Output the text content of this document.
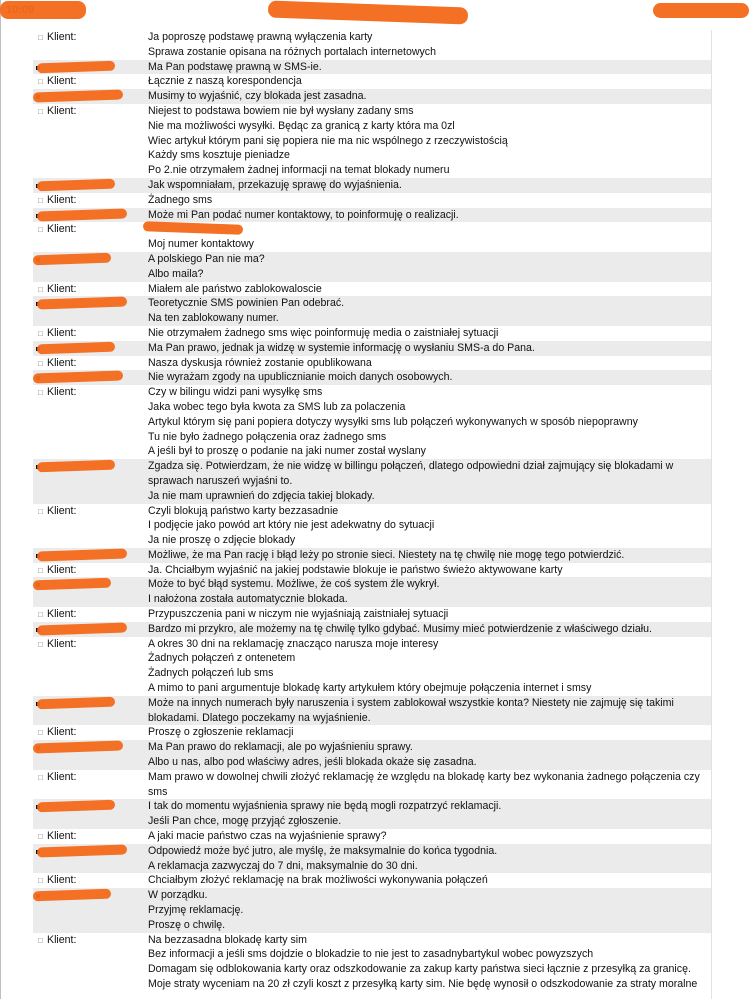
□ Klient:	Ja poproszę podstawę prawną wyłączenia karty
Sprawa zostanie opisana na różnych portalach internetowych
Ma Pan podstawę prawną w SMS-ie.
□ Klient:	Łącznie z naszą korespondencja
Musimy to wyjaśnić, czy blokada jest zasadna.
□ Klient:	Niejest to podstawa bowiem nie był wysłany zadany sms
Nie ma możliwości wysyłki. Będąc za granicą z karty która ma 0zl
Wiec artykuł którym pani się popiera nie ma nic wspólnego z rzeczywistością
Każdy sms kosztuje pieniadze
Po 2.nie otrzymałem żadnej informacji na temat blokady numeru
Jak wspomniałam, przekazuję sprawę do wyjaśnienia.
□ Klient:	Żadnego sms
Może mi Pan podać numer kontaktowy, to poinformuję o realizacji.
□ Klient:

Moj numer kontaktowy
A polskiego Pan nie ma?
Albo maila?
□ Klient:	Miałem ale państwo zablokowaloscie
Teoretycznie SMS powinien Pan odebrać.
Na ten zablokowany numer.
□ Klient:	Nie otrzymałem żadnego sms więc poinformuję media o zaistniałej sytuacji
Ma Pan prawo, jednak ja widzę w systemie informację o wysłaniu SMS-a do Pana.
□ Klient:	Nasza dyskusja również zostanie opublikowana
Nie wyrażam zgody na upublicznianie moich danych osobowych.
□ Klient:	Czy w bilingu widzi pani wysyłkę sms
Jaka wobec tego była kwota za SMS lub za polaczenia
Artykul którym się pani popiera dotyczy wysyłki sms lub połączeń wykonywanych w sposób niepoprawny
Tu nie było żadnego połączenia oraz żadnego sms
A jeśli był to proszę o podanie na jaki numer został wyslany
Zgadza się. Potwierdzam, że nie widzę w billingu połączeń, dlatego odpowiedni dział zajmujący się blokadami w sprawach naruszeń wyjaśni to.
Ja nie mam uprawnień do zdjęcia takiej blokady.
□ Klient:	Czyli blokują państwo karty bezzasadnie
I podjęcie jako powód art który nie jest adekwatny do sytuacji
Ja nie proszę o zdjęcie blokady
Możliwe, że ma Pan rację i błąd leży po stronie sieci. Niestety na tę chwilę nie mogę tego potwierdzić.
□ Klient:	Ja. Chciałbym wyjaśnić na jakiej podstawie blokuje ie państwo świeżo aktywowane karty
Może to być błąd systemu. Możliwe, że coś system źle wykrył.
I nałożona została automatycznie blokada.
□ Klient:	Przypuszczenia pani w niczym nie wyjaśniają zaistniałej sytuacji
Bardzo mi przykro, ale możemy na tę chwilę tylko gdybać. Musimy mieć potwierdzenie z właściwego działu.
□ Klient:	A okres 30 dni na reklamację znacząco narusza moje interesy
Żadnych połączeń z ontenetem
Żadnych połączeń lub sms
A mimo to pani argumentuje blokadę karty artykułem który obejmuje połączenia internet i smsy
Może na innych numerach były naruszenia i system zablokował wszystkie konta? Niestety nie zajmuję się takimi blokadami. Dlatego poczekamy na wyjaśnienie.
□ Klient:	Proszę o zgłoszenie reklamacji
Ma Pan prawo do reklamacji, ale po wyjaśnieniu sprawy.
Albo u nas, albo pod właściwy adres, jeśli blokada okaże się zasadna.
□ Klient:	Mam prawo w dowolnej chwili złożyć reklamację że względu na blokadę karty bez wykonania żadnego połączenia czy sms
I tak do momentu wyjaśnienia sprawy nie będą mogli rozpatrzyć reklamacji.
Jeśli Pan chce, mogę przyjąć zgłoszenie.
□ Klient:	A jaki macie państwo czas na wyjaśnienie sprawy?
Odpowiedź może być jutro, ale myślę, że maksymalnie do końca tygodnia.
A reklamacja zazwyczaj do 7 dni, maksymalnie do 30 dni.
□ Klient:	Chciałbym złożyć reklamację na brak możliwości wykonywania połączeń
W porządku.
Przyjmę reklamację.
Proszę o chwilę.
□ Klient:	Na bezzasadna blokadę karty sim
Bez informacji a jeśli sms dojdzie o blokadzie to nie jest to zasadnybartykul wobec powyzszych
Domagam się odblokowania karty oraz odszkodowanie za zakup karty państwa sieci łącznie z przesyłką za granicę.
Moje straty wyceniam na 20 zł czyli koszt z przesyłką karty sim. Nie będę wynosił o odszkodowanie za straty moralne
